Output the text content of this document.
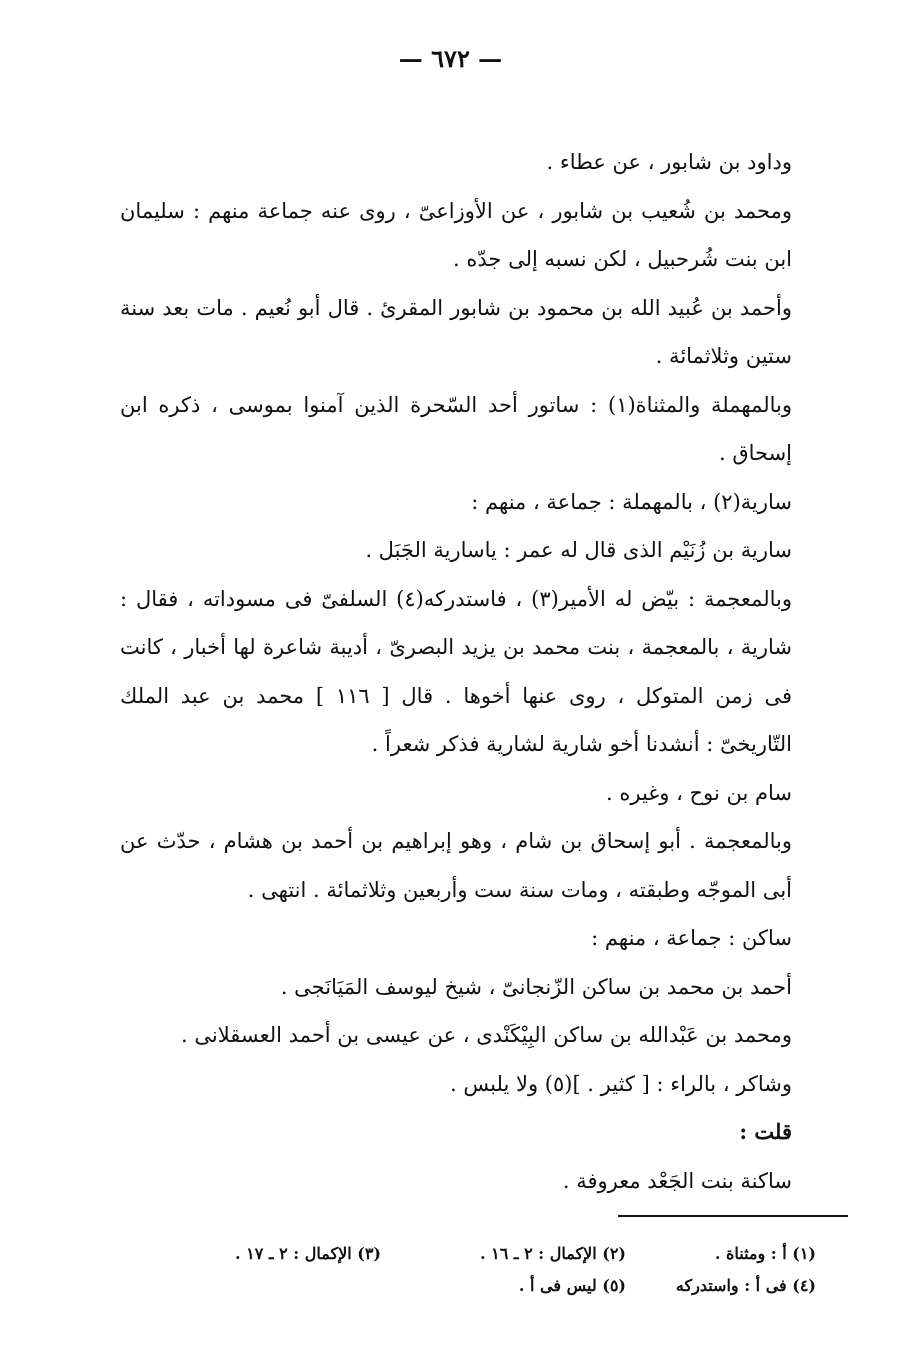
— ٦٧٢ —

وداود بن شابور ، عن عطاء .

ومحمد بن شُعيب بن شابور ، عن الأوزاعىّ ، روى عنه جماعة منهم : سليمان ابن بنت شُرحبيل ، لكن نسبه إلى جدّه .

وأحمد بن عُبيد الله بن محمود بن شابور المقرئ . قال أبو نُعيم . مات بعد سنة ستين وثلاثمائة .

وبالمهملة والمثناة(١) : ساتور أحد السّحرة الذين آمنوا بموسى ، ذكره ابن إسحاق .

سارية(٢) ، بالمهملة : جماعة ، منهم :

سارية بن زُنَيْم الذى قال له عمر : ياسارية الجَبَل .

وبالمعجمة : بيّض له الأمير(٣) ، فاستدركه(٤) السلفىّ فى مسوداته ، فقال : شارية ، بالمعجمة ، بنت محمد بن يزيد البصرىّ ، أديبة شاعرة لها أخبار ، كانت فى زمن المتوكل ، روى عنها أخوها . قال [ ١١٦ ] محمد بن عبد الملك التّاريخىّ : أنشدنا أخو شارية لشارية فذكر شعراً .

سام بن نوح ، وغيره .

وبالمعجمة . أبو إسحاق بن شام ، وهو إبراهيم بن أحمد بن هشام ، حدّث عن أبى الموجّه وطبقته ، ومات سنة ست وأربعين وثلاثمائة . انتهى .

ساكن : جماعة ، منهم :

أحمد بن محمد بن ساكن الزّنجانىّ ، شيخ ليوسف المَيَانَجى .

ومحمد بن عَبْدالله بن ساكن البِيْكَنْدى ، عن عيسى بن أحمد العسقلانى .

وشاكر ، بالراء : [ كثير . ](٥) ولا يلبس .

قلت :

ساكنة بنت الجَعْد معروفة .

(١) أ : ومثناة .
(٢) الإكمال : ٢ ـ ١٦ .
(٣) الإكمال : ٢ ـ ١٧ .
(٤) فى أ : واستدركه
(٥) ليس فى أ .
